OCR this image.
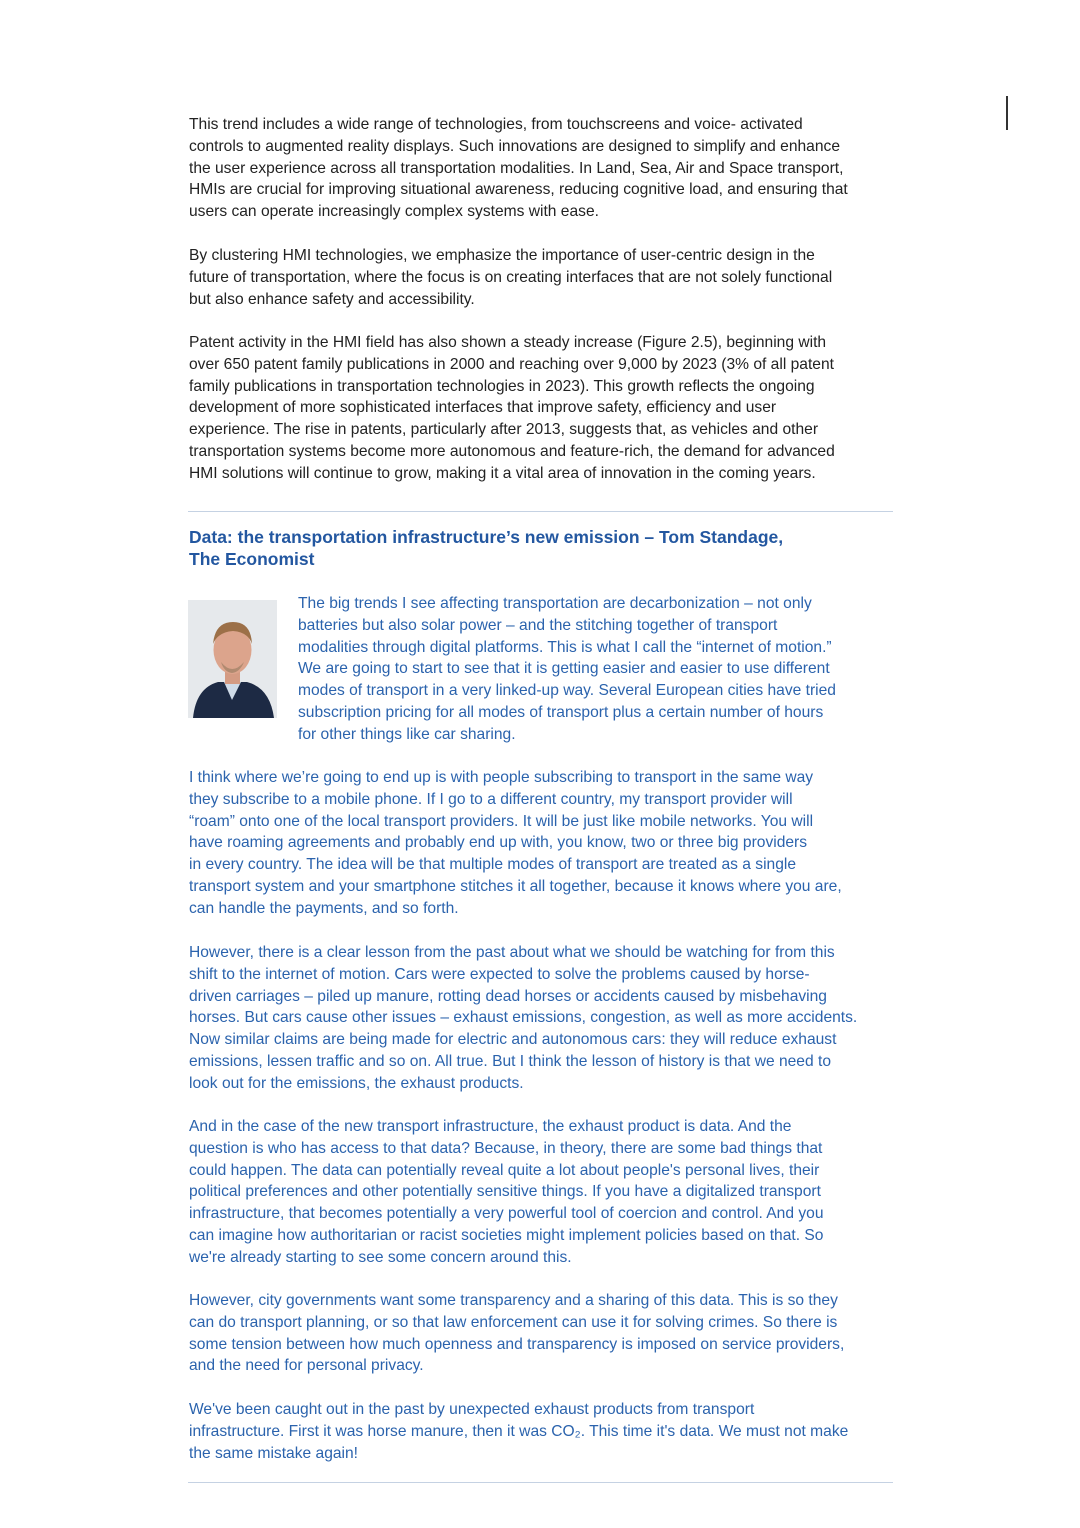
This trend includes a wide range of technologies, from touchscreens and voice- activated
controls to augmented reality displays. Such innovations are designed to simplify and enhance
the user experience across all transportation modalities. In Land, Sea, Air and Space transport,
HMIs are crucial for improving situational awareness, reducing cognitive load, and ensuring that
users can operate increasingly complex systems with ease.
By clustering HMI technologies, we emphasize the importance of user-centric design in the
future of transportation, where the focus is on creating interfaces that are not solely functional
but also enhance safety and accessibility.
Patent activity in the HMI field has also shown a steady increase (Figure 2.5), beginning with
over 650 patent family publications in 2000 and reaching over 9,000 by 2023 (3% of all patent
family publications in transportation technologies in 2023). This growth reflects the ongoing
development of more sophisticated interfaces that improve safety, efficiency and user
experience. The rise in patents, particularly after 2013, suggests that, as vehicles and other
transportation systems become more autonomous and feature-rich, the demand for advanced
HMI solutions will continue to grow, making it a vital area of innovation in the coming years.
Data: the transportation infrastructure’s new emission – Tom Standage,
The Economist
The big trends I see affecting transportation are decarbonization – not only
batteries but also solar power – and the stitching together of transport
modalities through digital platforms. This is what I call the “internet of motion.”
We are going to start to see that it is getting easier and easier to use different
modes of transport in a very linked-up way. Several European cities have tried
subscription pricing for all modes of transport plus a certain number of hours
for other things like car sharing.
I think where we’re going to end up is with people subscribing to transport in the same way
they subscribe to a mobile phone. If I go to a different country, my transport provider will
“roam” onto one of the local transport providers. It will be just like mobile networks. You will
have roaming agreements and probably end up with, you know, two or three big providers
in every country. The idea will be that multiple modes of transport are treated as a single
transport system and your smartphone stitches it all together, because it knows where you are,
can handle the payments, and so forth.
However, there is a clear lesson from the past about what we should be watching for from this
shift to the internet of motion. Cars were expected to solve the problems caused by horse-
driven carriages – piled up manure, rotting dead horses or accidents caused by misbehaving
horses. But cars cause other issues – exhaust emissions, congestion, as well as more accidents.
Now similar claims are being made for electric and autonomous cars: they will reduce exhaust
emissions, lessen traffic and so on. All true. But I think the lesson of history is that we need to
look out for the emissions, the exhaust products.
And in the case of the new transport infrastructure, the exhaust product is data. And the
question is who has access to that data? Because, in theory, there are some bad things that
could happen. The data can potentially reveal quite a lot about people's personal lives, their
political preferences and other potentially sensitive things. If you have a digitalized transport
infrastructure, that becomes potentially a very powerful tool of coercion and control. And you
can imagine how authoritarian or racist societies might implement policies based on that. So
we're already starting to see some concern around this.
However, city governments want some transparency and a sharing of this data. This is so they
can do transport planning, or so that law enforcement can use it for solving crimes. So there is
some tension between how much openness and transparency is imposed on service providers,
and the need for personal privacy.
We've been caught out in the past by unexpected exhaust products from transport
infrastructure. First it was horse manure, then it was CO₂. This time it's data. We must not make
the same mistake again!
